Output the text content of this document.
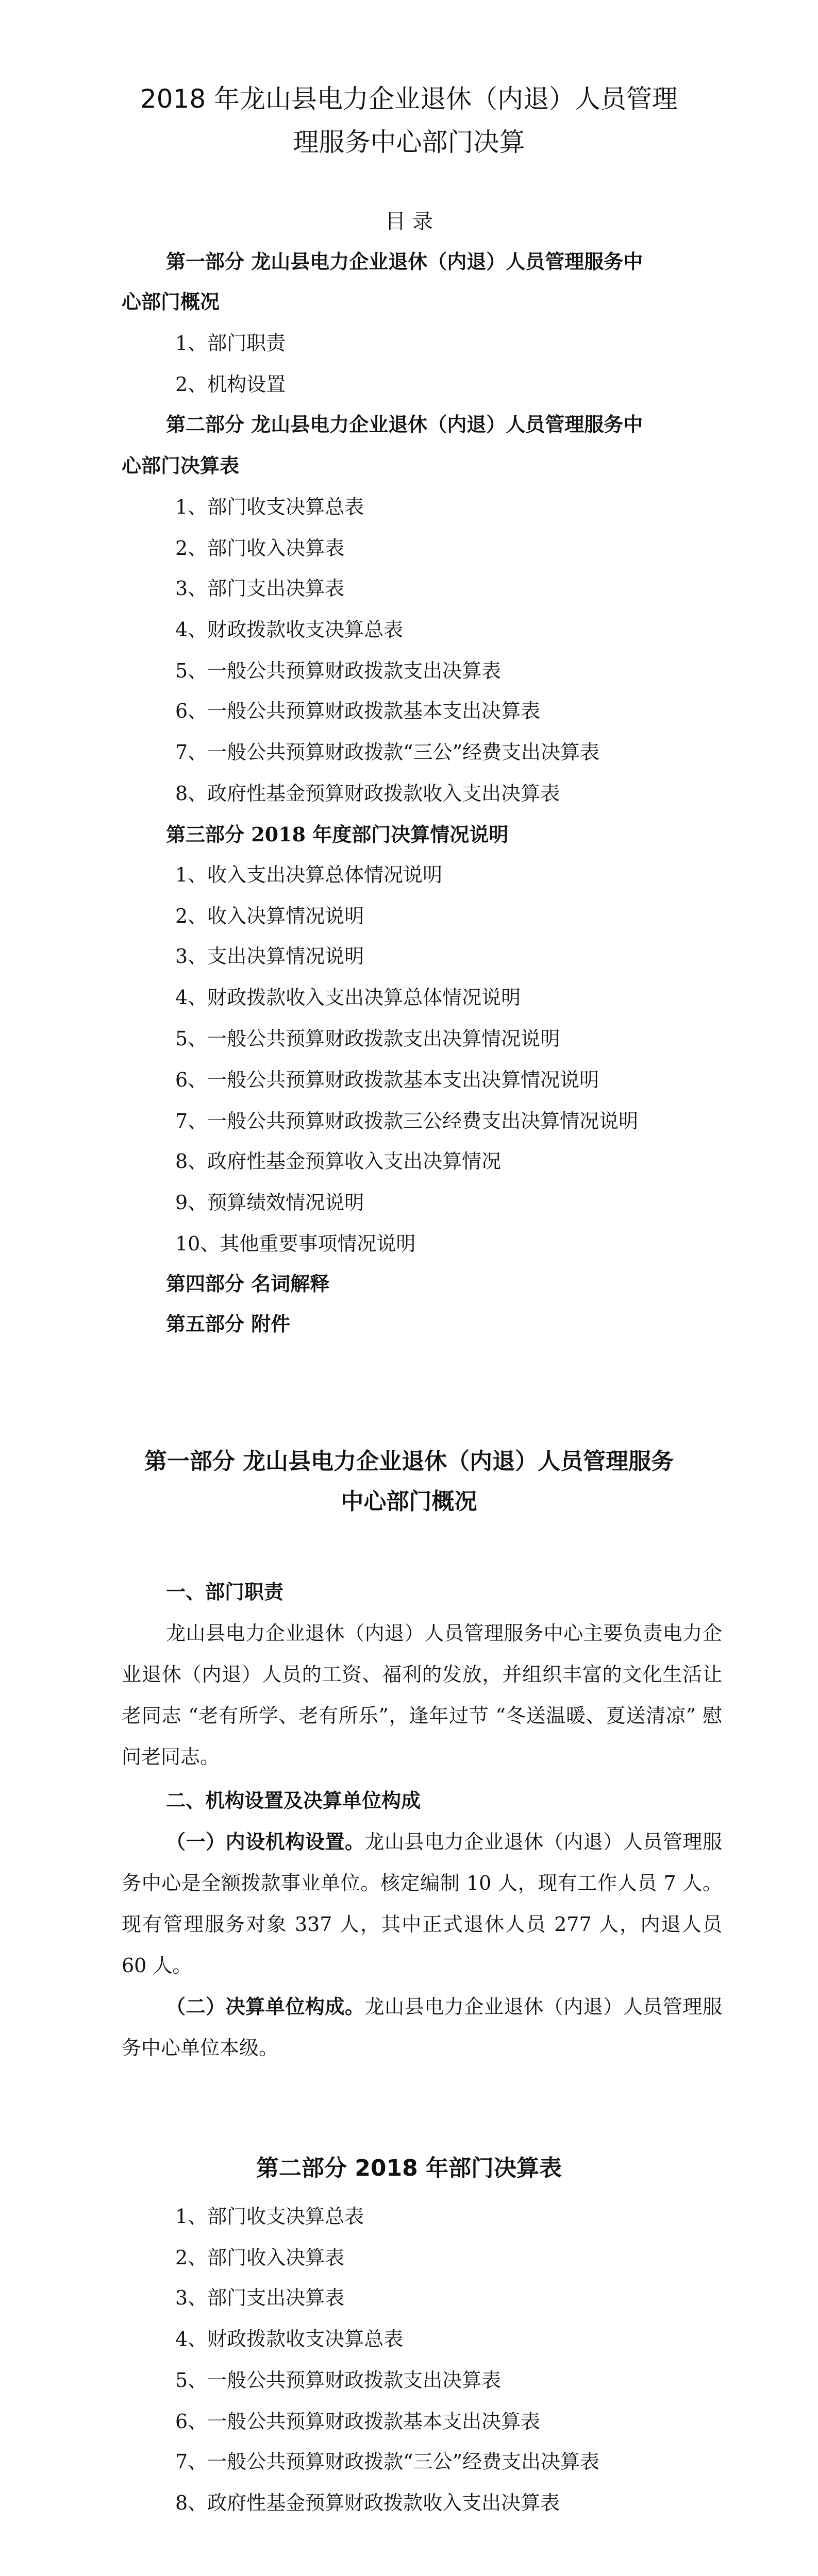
2018 年龙山县电力企业退休（内退）人员管理
理服务中心部门决算

目 录

第一部分 龙山县电力企业退休（内退）人员管理服务中

心部门概况

1、部门职责

2、机构设置

第二部分 龙山县电力企业退休（内退）人员管理服务中

心部门决算表

1、部门收支决算总表

2、部门收入决算表

3、部门支出决算表

4、财政拨款收支决算总表

5、一般公共预算财政拨款支出决算表

6、一般公共预算财政拨款基本支出决算表

7、一般公共预算财政拨款“三公”经费支出决算表

8、政府性基金预算财政拨款收入支出决算表

第三部分 2018 年度部门决算情况说明

1、收入支出决算总体情况说明

2、收入决算情况说明

3、支出决算情况说明

4、财政拨款收入支出决算总体情况说明

5、一般公共预算财政拨款支出决算情况说明

6、一般公共预算财政拨款基本支出决算情况说明

7、一般公共预算财政拨款三公经费支出决算情况说明

8、政府性基金预算收入支出决算情况

9、预算绩效情况说明

10、其他重要事项情况说明

第四部分 名词解释

第五部分 附件

第一部分 龙山县电力企业退休（内退）人员管理服务
中心部门概况

一、部门职责

龙山县电力企业退休（内退）人员管理服务中心主要负责电力企业退休（内退）人员的工资、福利的发放，并组织丰富的文化生活让老同志 “老有所学、老有所乐”，逢年过节 “冬送温暖、夏送清凉” 慰问老同志。

二、机构设置及决算单位构成

（一）内设机构设置。龙山县电力企业退休（内退）人员管理服务中心是全额拨款事业单位。核定编制 10 人，现有工作人员 7 人。现有管理服务对象 337 人，其中正式退休人员 277 人，内退人员 60 人。

（二）决算单位构成。龙山县电力企业退休（内退）人员管理服务中心单位本级。

第二部分 2018 年部门决算表

1、部门收支决算总表

2、部门收入决算表

3、部门支出决算表

4、财政拨款收支决算总表

5、一般公共预算财政拨款支出决算表

6、一般公共预算财政拨款基本支出决算表

7、一般公共预算财政拨款“三公”经费支出决算表

8、政府性基金预算财政拨款收入支出决算表
